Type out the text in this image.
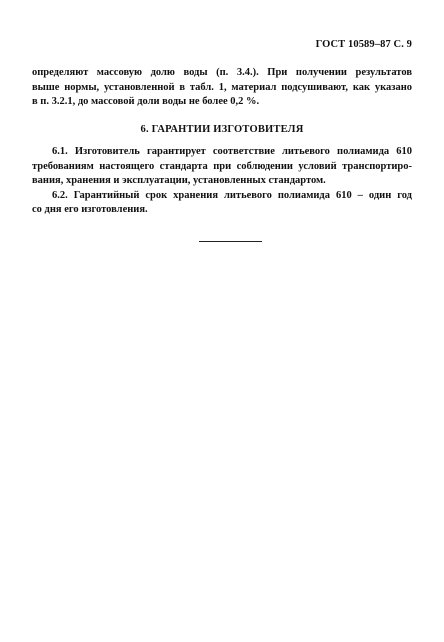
ГОСТ 10589–87 С. 9
определяют массовую долю воды (п. 3.4.). При получении результатов
выше нормы, установленной в табл. 1, материал подсушивают, как указано
в п. 3.2.1, до массовой доли воды не более 0,2 %.
6. ГАРАНТИИ ИЗГОТОВИТЕЛЯ
6.1. Изготовитель гарантирует соответствие литьевого полиамида 610
требованиям настоящего стандарта при соблюдении условий транспортиро-
вания, хранения и эксплуатации, установленных стандартом.
6.2. Гарантийный срок хранения литьевого полиамида 610 – один год
со дня его изготовления.
